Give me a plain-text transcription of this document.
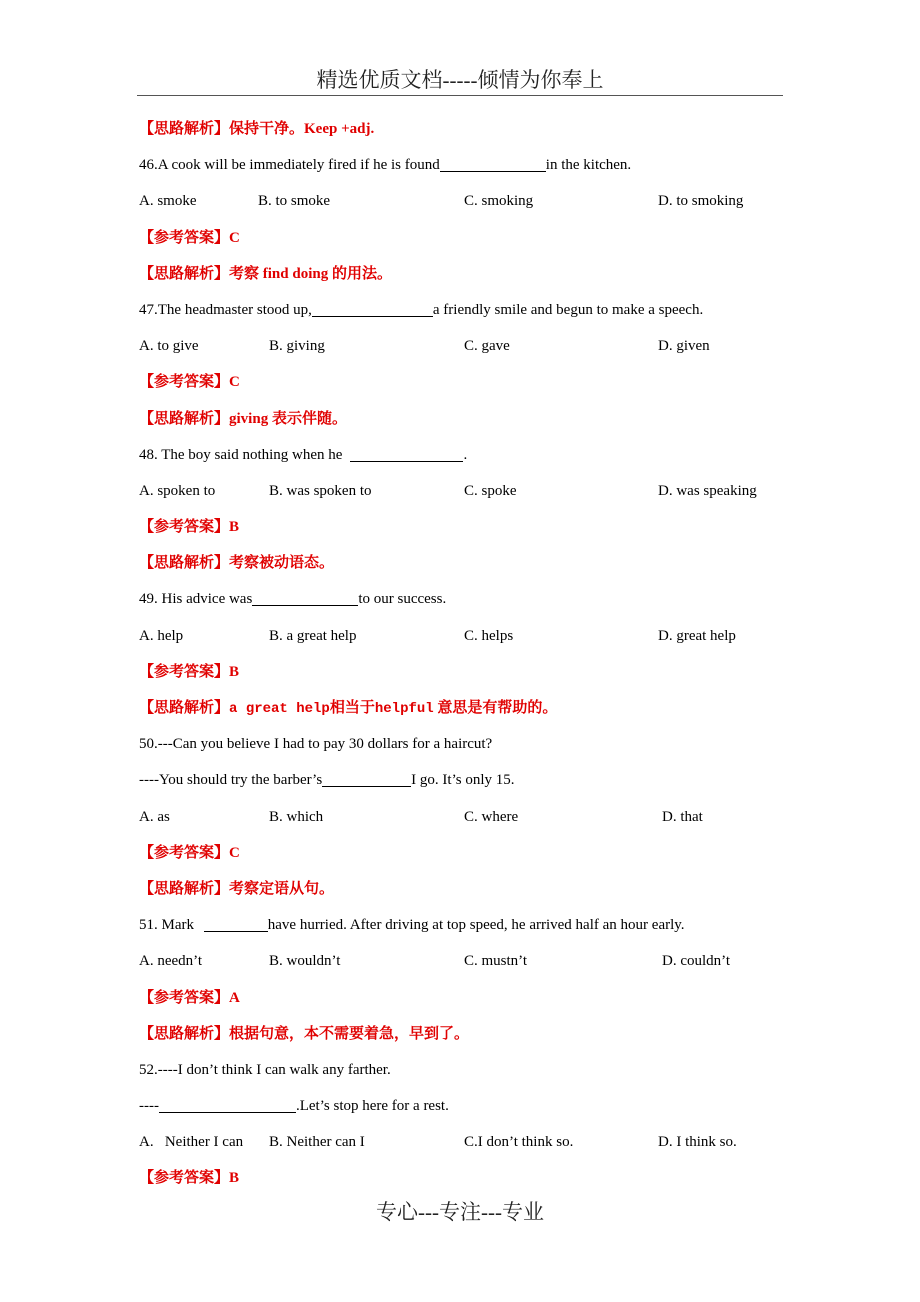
精选优质文档-----倾情为你奉上
【思路解析】保持干净。Keep +adj.
46.A cook will be immediately fired if he is found	in the kitchen.
A. smoke	B. to smoke	C. smoking	D. to smoking
【参考答案】C
【思路解析】考察 find doing 的用法。
47.The headmaster stood up,	a friendly smile and begun to make a speech.
A. to give	B. giving	C. gave	D. given
【参考答案】C
【思路解析】giving 表示伴随。
48. The boy said nothing when he	.
A. spoken to	B. was spoken to	C. spoke	D. was speaking
【参考答案】B
【思路解析】考察被动语态。
49. His advice was	to our success.
A. help	B. a great help	C. helps	D. great help
【参考答案】B
【思路解析】a great help相当于helpful 意思是有帮助的。
50.---Can you believe I had to pay 30 dollars for a haircut?
----You should try the barber’s	I go. It’s only 15.
A. as	B. which	C. where	D. that
【参考答案】C
【思路解析】考察定语从句。
51. Mark	have hurried. After driving at top speed, he arrived half an hour early.
A. needn’t	B. wouldn’t	C. mustn’t	D. couldn’t
【参考答案】A
【思路解析】根据句意，本不需要着急，早到了。
52.----I don’t think I can walk any farther.
----	.Let’s stop here for a rest.
A.   Neither I can B. Neither can I	C.I don’t think so.	D. I think so.
【参考答案】B
专心---专注---专业
